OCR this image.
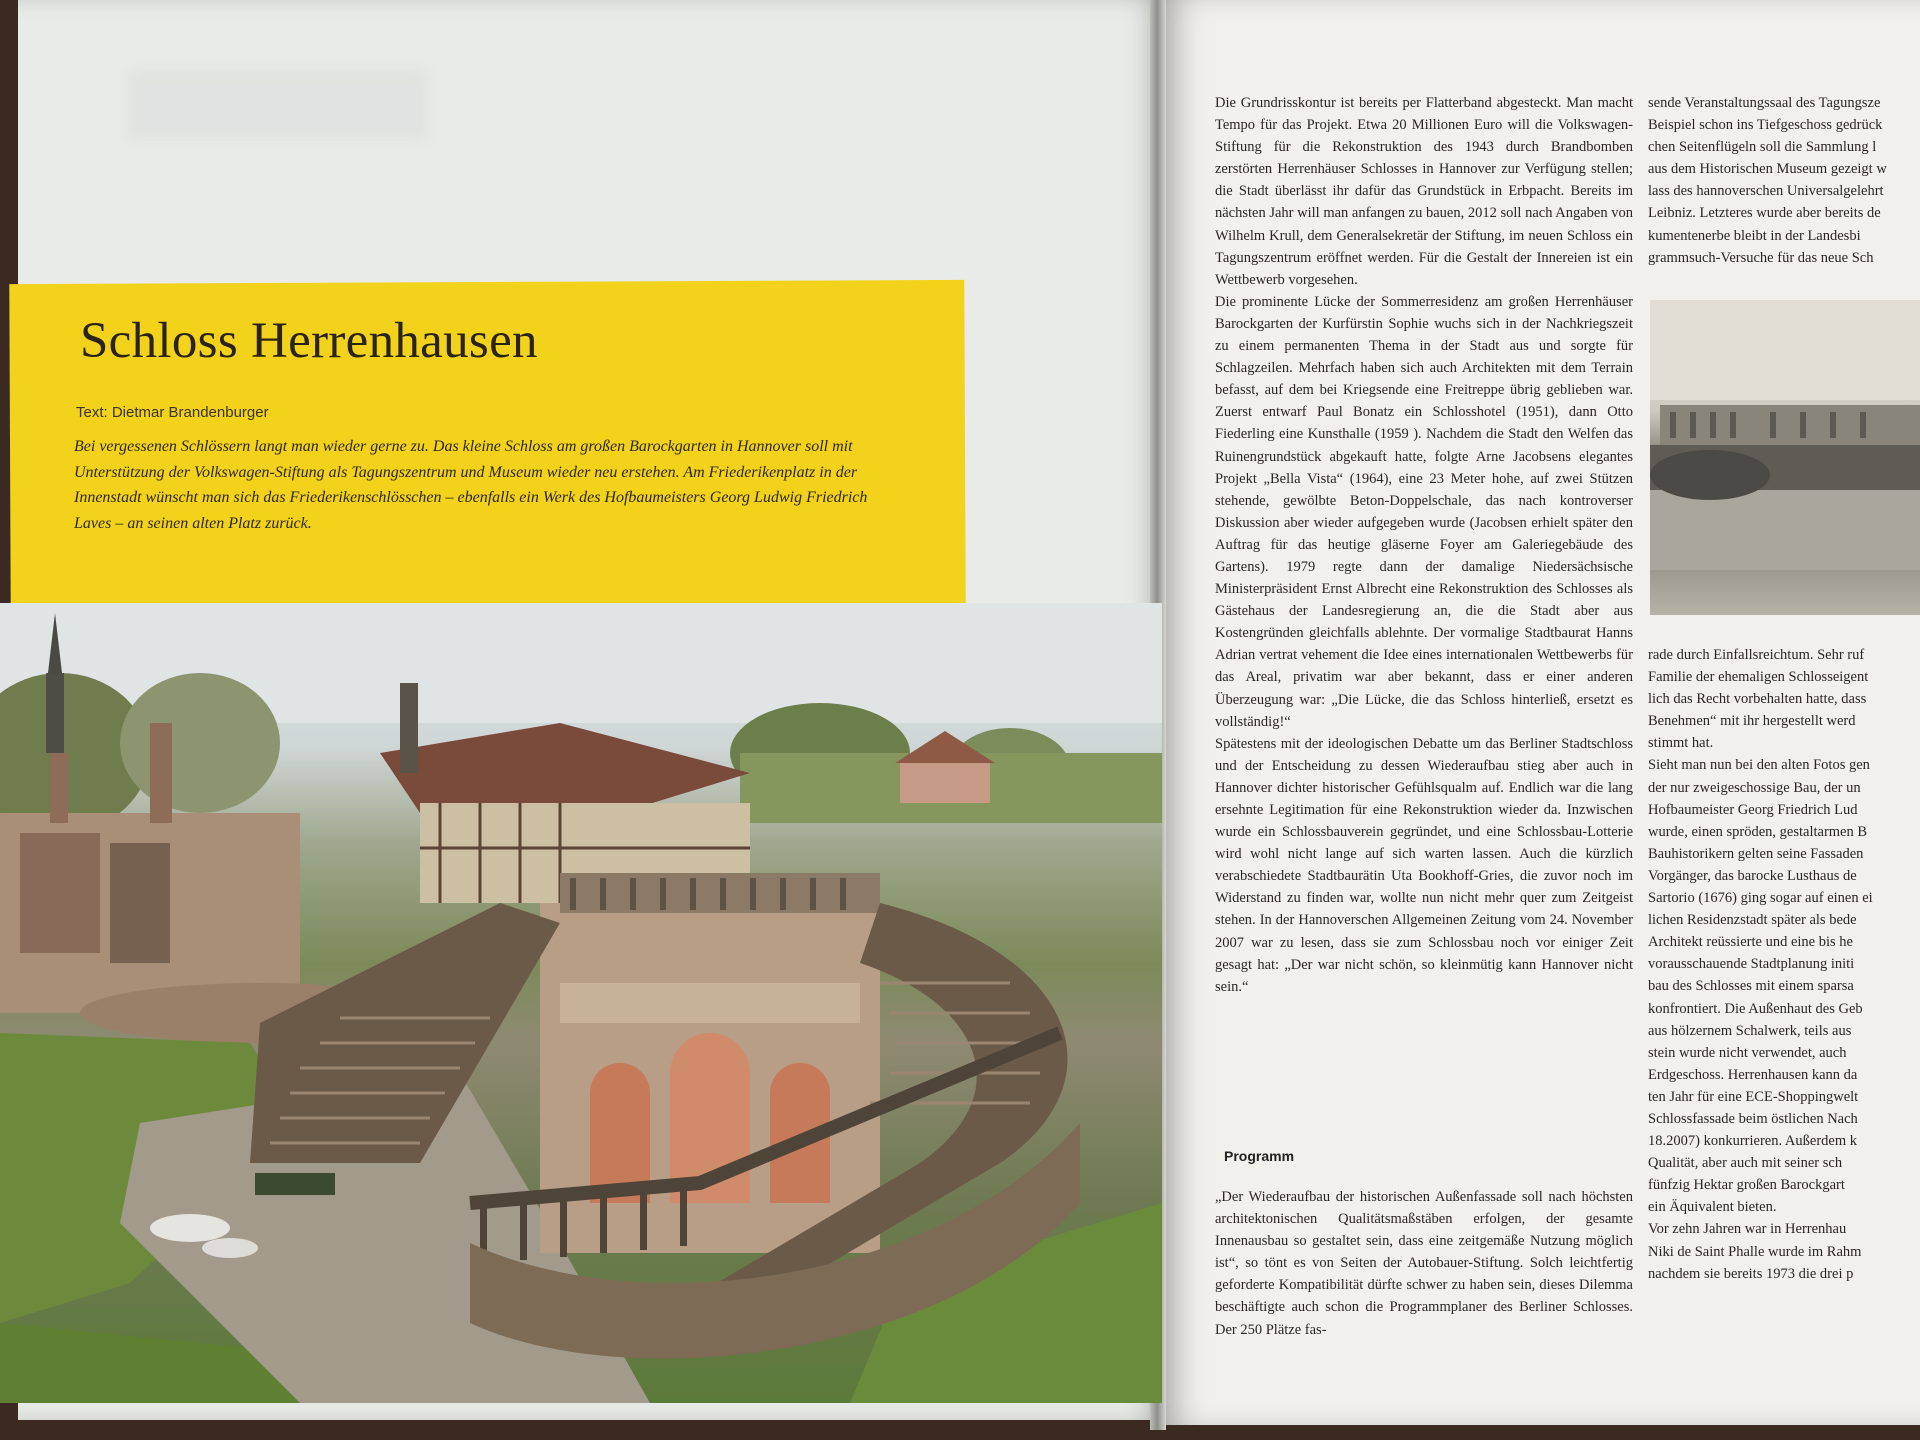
Schloss Herrenhausen
Text: Dietmar Brandenburger

Bei vergessenen Schlössern langt man wieder gerne zu. Das kleine Schloss am großen Barockgarten in Hannover soll mit Unterstützung der Volkswagen-Stiftung als Tagungszentrum und Museum wieder neu erstehen. Am Friederikenplatz in der Innenstadt wünscht man sich das Friederikenschlösschen – ebenfalls ein Werk des Hofbaumeisters Georg Ludwig Friedrich Laves – an seinen alten Platz zurück.

Die Grundrisskontur ist bereits per Flatterband abgesteckt. Man macht Tempo für das Projekt. Etwa 20 Millionen Euro will die Volkswagen-Stiftung für die Rekonstruktion des 1943 durch Brandbomben zerstörten Herrenhäuser Schlosses in Hannover zur Verfügung stellen; die Stadt überlässt ihr dafür das Grundstück in Erbpacht. Bereits im nächsten Jahr will man anfangen zu bauen, 2012 soll nach Angaben von Wilhelm Krull, dem Generalsekretär der Stiftung, im neuen Schloss ein Tagungszentrum eröffnet werden. Für die Gestalt der Innereien ist ein Wettbewerb vorgesehen.

Die prominente Lücke der Sommerresidenz am großen Herrenhäuser Barockgarten der Kurfürstin Sophie wuchs sich in der Nachkriegszeit zu einem permanenten Thema in der Stadt aus und sorgte für Schlagzeilen. Mehrfach haben sich auch Architekten mit dem Terrain befasst, auf dem bei Kriegsende eine Freitreppe übrig geblieben war. Zuerst entwarf Paul Bonatz ein Schlosshotel (1951), dann Otto Fiederling eine Kunsthalle (1959 ). Nachdem die Stadt den Welfen das Ruinengrundstück abgekauft hatte, folgte Arne Jacobsens elegantes Projekt „Bella Vista“ (1964), eine 23 Meter hohe, auf zwei Stützen stehende, gewölbte Beton-Doppelschale, das nach kontroverser Diskussion aber wieder aufgegeben wurde (Jacobsen erhielt später den Auftrag für das heutige gläserne Foyer am Galeriegebäude des Gartens). 1979 regte dann der damalige Niedersächsische Ministerpräsident Ernst Albrecht eine Rekonstruktion des Schlosses als Gästehaus der Landesregierung an, die die Stadt aber aus Kostengründen gleichfalls ablehnte. Der vormalige Stadtbaurat Hanns Adrian vertrat vehement die Idee eines internationalen Wettbewerbs für das Areal, privatim war aber bekannt, dass er einer anderen Überzeugung war: „Die Lücke, die das Schloss hinterließ, ersetzt es vollständig!“

Spätestens mit der ideologischen Debatte um das Berliner Stadtschloss und der Entscheidung zu dessen Wiederaufbau stieg aber auch in Hannover dichter historischer Gefühlsqualm auf. Endlich war die lang ersehnte Legitimation für eine Rekonstruktion wieder da. Inzwischen wurde ein Schlossbauverein gegründet, und eine Schlossbau-Lotterie wird wohl nicht lange auf sich warten lassen. Auch die kürzlich verabschiedete Stadtbaurätin Uta Bookhoff-Gries, die zuvor noch im Widerstand zu finden war, wollte nun nicht mehr quer zum Zeitgeist stehen. In der Hannoverschen Allgemeinen Zeitung vom 24. November 2007 war zu lesen, dass sie zum Schlossbau noch vor einiger Zeit gesagt hat: „Der war nicht schön, so kleinmütig kann Hannover nicht sein.“

Programm

„Der Wiederaufbau der historischen Außenfassade soll nach höchsten architektonischen Qualitätsmaßstäben erfolgen, der gesamte Innenausbau so gestaltet sein, dass eine zeitgemäße Nutzung möglich ist“, so tönt es von Seiten der Autobauer-Stiftung. Solch leichtfertig geforderte Kompatibilität dürfte schwer zu haben sein, dieses Dilemma beschäftigte auch schon die Programmplaner des Berliner Schlosses. Der 250 Plätze fas-

sende Veranstaltungssaal des Tagungsze
Beispiel schon ins Tiefgeschoss gedrück
chen Seitenflügeln soll die Sammlung l
aus dem Historischen Museum gezeigt w
lass des hannoverschen Universalgelehrt
Leibniz. Letzteres wurde aber bereits de
kumentenerbe bleibt in der Landesbi
grammsuch-Versuche für das neue Sch
rade durch Einfallsreichtum. Sehr ruf
Familie der ehemaligen Schlosseigent
lich das Recht vorbehalten hatte, dass
Benehmen“ mit ihr hergestellt werd
stimmt hat.
Sieht man nun bei den alten Fotos gen
der nur zweigeschossige Bau, der un
Hofbaumeister Georg Friedrich Lud
wurde, einen spröden, gestaltarmen B
Bauhistorikern gelten seine Fassaden
Vorgänger, das barocke Lusthaus de
Sartorio (1676) ging sogar auf einen ei
lichen Residenzstadt später als bede
Architekt reüssierte und eine bis he
vorausschauende Stadtplanung initi
bau des Schlosses mit einem sparsa
konfrontiert. Die Außenhaut des Geb
aus hölzernem Schalwerk, teils aus
stein wurde nicht verwendet, auch
Erdgeschoss. Herrenhausen kann da
ten Jahr für eine ECE-Shoppingwelt
Schlossfassade beim östlichen Nach
18.2007) konkurrieren. Außerdem k
Qualität, aber auch mit seiner sch
fünfzig Hektar großen Barockgart
ein Äquivalent bieten.
Vor zehn Jahren war in Herrenhau
Niki de Saint Phalle wurde im Rahm
nachdem sie bereits 1973 die drei p
